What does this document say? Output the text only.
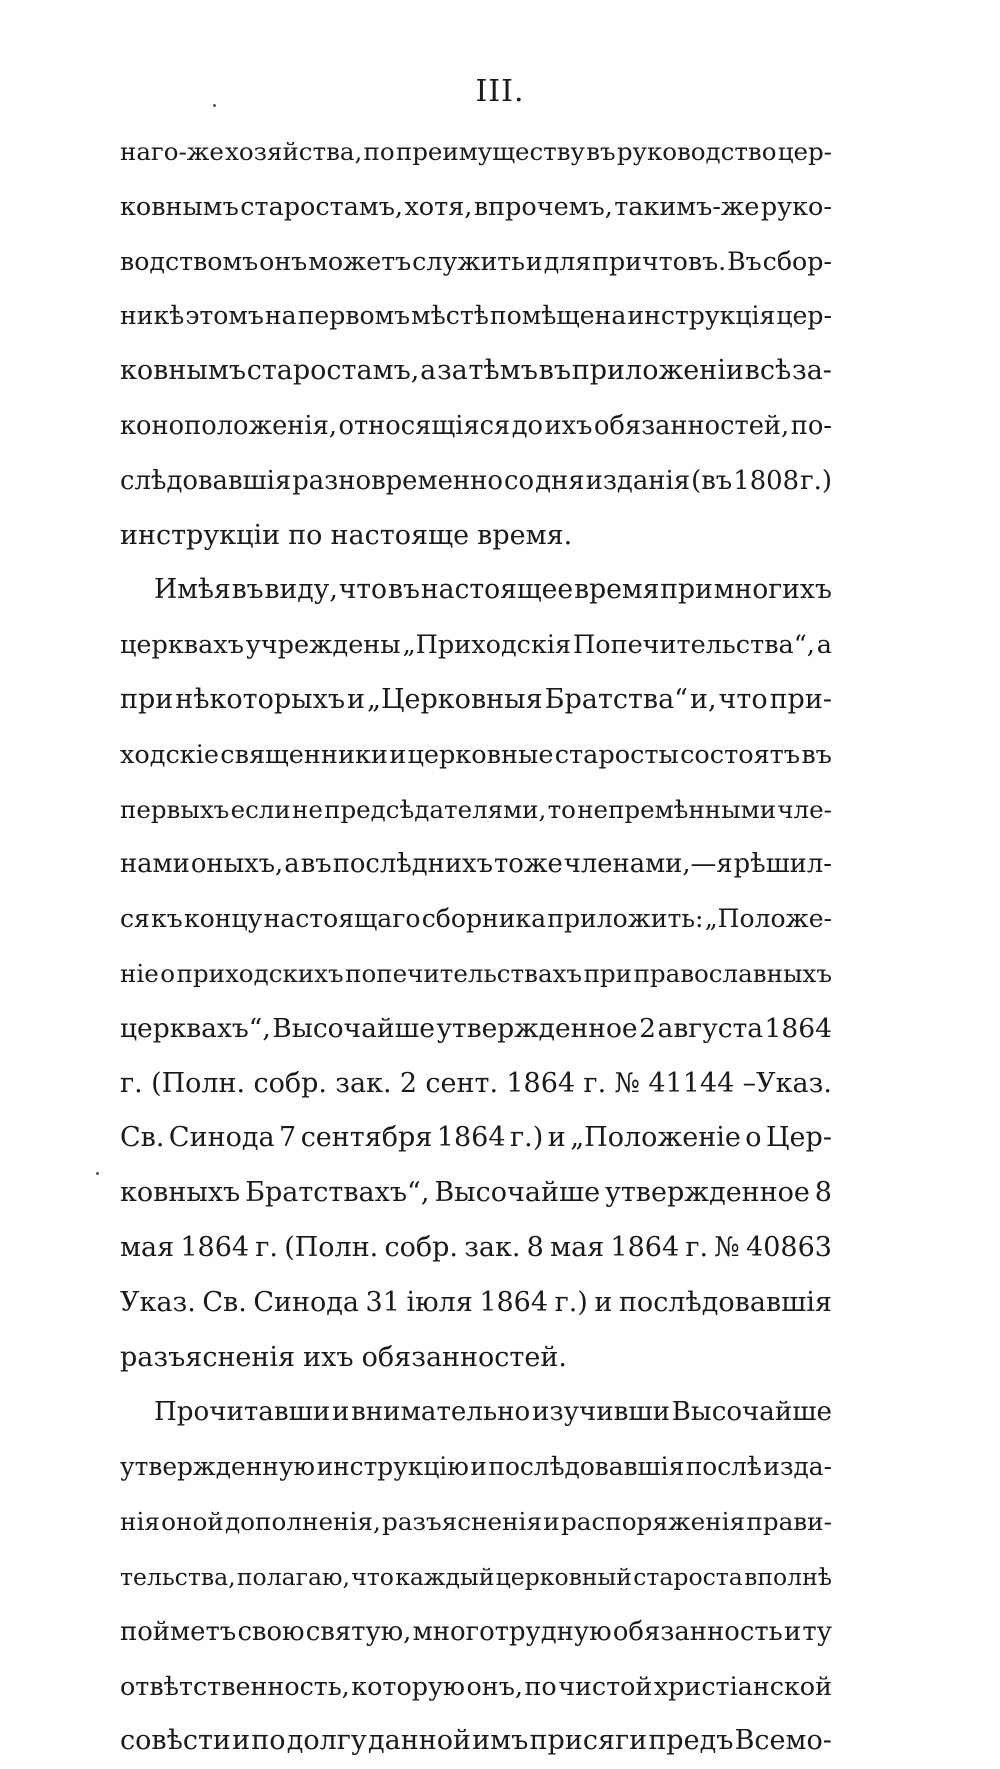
III.
наго-же хозяйства, по преимуществу въ руководство цер-
ковнымъ старостамъ, хотя, впрочемъ, такимъ-же руко-
водствомъ онъ можетъ служить и для причтовъ. Въ сбор-
никѣ этомъ на первомъ мѣстѣ помѣщена инструкція цер-
ковнымъ старостамъ, а за тѣмъ въ приложеніи всѣ за-
конoположенія, относящіяся до ихъ обязанностей, по-
слѣдовавшія разновременно со дня изданія (въ 1808 г.)
инструкціи по настояще время.
Имѣя въ виду, что въ настоящее время при многихъ
церквахъ учреждены „Приходскія Попечительства“, а
при нѣкоторыхъ и „Церковныя Братства“ и, что при-
ходскіе священники и церковные старосты состоятъ въ
первыхъ если не предсѣдателями, то непремѣнными чле-
нами оныхъ, а въ послѣднихъ тоже членами,—я рѣшил-
ся къ концу настоящаго сборника приложить: „Положе-
ніе о приходскихъ попечительствахъ при православныхъ
церквахъ“, Высочайше утвержденное 2 августа 1864
г. (Полн. собр. зак. 2 сент. 1864 г. № 41144 –Указ.
Св. Синода 7 сентября 1864 г.) и „Положеніе о Цер-
ковныхъ Братствахъ“, Высочайше утвержденное 8
мая 1864 г. (Полн. собр. зак. 8 мая 1864 г. № 40863
Указ. Св. Синода 31 іюля 1864 г.) и послѣдовавшія
разъясненія ихъ обязанностей.
Прочитавши и внимательно изучивши Высочайше
утвержденную инструкцію и послѣдовавшія послѣ изда-
нія оной дополненія, разъясненія и распоряженія прави-
тельства, полагаю, что каждый церковный староста вполнѣ
пойметъ свою святую, многотрудную обязанность и ту
отвѣтственность, которую онъ, по чистой христіанской
совѣсти и по долгу данной имъ присяги предъ Всемо-
